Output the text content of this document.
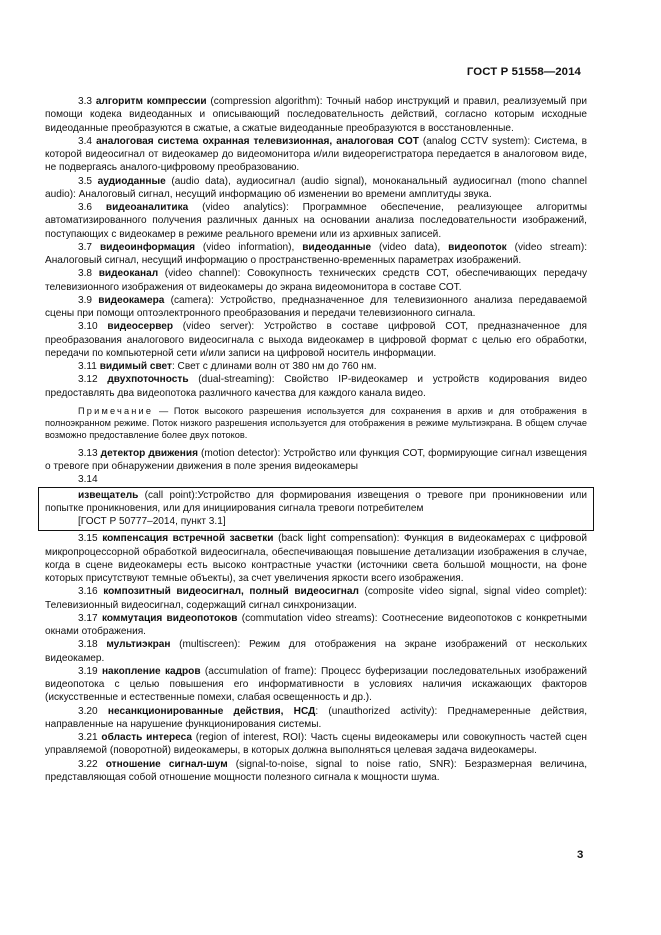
ГОСТ Р 51558—2014

3.3 алгоритм компрессии (compression algorithm): Точный набор инструкций и правил, реализуемый при помощи кодека видеоданных и описывающий последовательность действий, согласно которым исходные видеоданные преобразуются в сжатые, а сжатые видеоданные преобразуются в восстановленные.

3.4 аналоговая система охранная телевизионная, аналоговая СОТ (analog CCTV system): Система, в которой видеосигнал от видеокамер до видеомонитора и/или видеорегистратора передается в аналоговом виде, не подвергаясь аналого-цифровому преобразованию.

3.5 аудиоданные (audio data), аудиосигнал (audio signal), монoканальный аудиосигнал (mono channel audio): Аналоговый сигнал, несущий информацию об изменении во времени амплитуды звука.

3.6 видеоаналитика (video analytics): Программное обеспечение, реализующее алгоритмы автоматизированного получения различных данных на основании анализа последовательности изображений, поступающих с видеокамер в режиме реального времени или из архивных записей.

3.7 видеоинформация (video information), видеоданные (video data), видеопоток (video stream): Аналоговый сигнал, несущий информацию о пространственно-временных параметрах изображений.

3.8 видеоканал (video channel): Совокупность технических средств СОТ, обеспечивающих передачу телевизионного изображения от видеокамеры до экрана видеомонитора в составе СОТ.

3.9 видеокамера (camera): Устройство, предназначенное для телевизионного анализа передаваемой сцены при помощи оптоэлектронного преобразования и передачи телевизионного сигнала.

3.10 видеосервер (video server): Устройство в составе цифровой СОТ, предназначенное для преобразования аналогового видеосигнала с выхода видеокамер в цифровой формат с целью его обработки, передачи по компьютерной сети и/или записи на цифровой носитель информации.

3.11 видимый свет: Свет с длинами волн от 380 нм до 760 нм.

3.12 двухпоточность (dual-streaming): Свойство IP-видеокамер и устройств кодирования видео предоставлять два видеопотока различного качества для каждого канала видео.

Примечание — Поток высокого разрешения используется для сохранения в архив и для отображения в полноэкранном режиме. Поток низкого разрешения используется для отображения в режиме мультиэкрана. В общем случае возможно предоставление более двух потоков.

3.13 детектор движения (motion detector): Устройство или функция СОТ, формирующие сигнал извещения о тревоге при обнаружении движения в поле зрения видеокамеры

3.14

извещатель (call point):Устройство для формирования извещения о тревоге при проникновении или попытке проникновения, или для инициирования сигнала тревоги потребителем

[ГОСТ Р 50777–2014, пункт 3.1]

3.15 компенсация встречной засветки (back light compensation): Функция в видеокамерах с цифровой микропроцессорной обработкой видеосигнала, обеспечивающая повышение детализации изображения в случае, когда в сцене видеокамеры есть высоко контрастные участки (источники света большой мощности, на фоне которых присутствуют темные объекты), за счет увеличения яркости всего изображения.

3.16 композитный видеосигнал, полный видеосигнал (composite video signal, signal video complet): Телевизионный видеосигнал, содержащий сигнал синхронизации.

3.17 коммутация видеопотоков (commutation video streams): Соотнесение видеопотоков с конкретными окнами отображения.

3.18 мультиэкран (multiscreen): Режим для отображения на экране изображений от нескольких видеокамер.

3.19 накопление кадров (accumulation of frame): Процесс буферизации последовательных изображений видеопотока с целью повышения его информативности в условиях наличия искажающих факторов (искусственные и естественные помехи, слабая освещенность и др.).

3.20 несанкционированные действия, НСД: (unauthorized activity): Преднамеренные действия, направленные на нарушение функционирования системы.

3.21 область интереса (region of interest, ROI): Часть сцены видеокамеры или совокупность частей сцен управляемой (поворотной) видеокамеры, в которых должна выполняться целевая задача видеокамеры.

3.22 отношение сигнал-шум (signal-to-noise, signal to noise ratio, SNR): Безразмерная величина, представляющая собой отношение мощности полезного сигнала к мощности шума.

3
